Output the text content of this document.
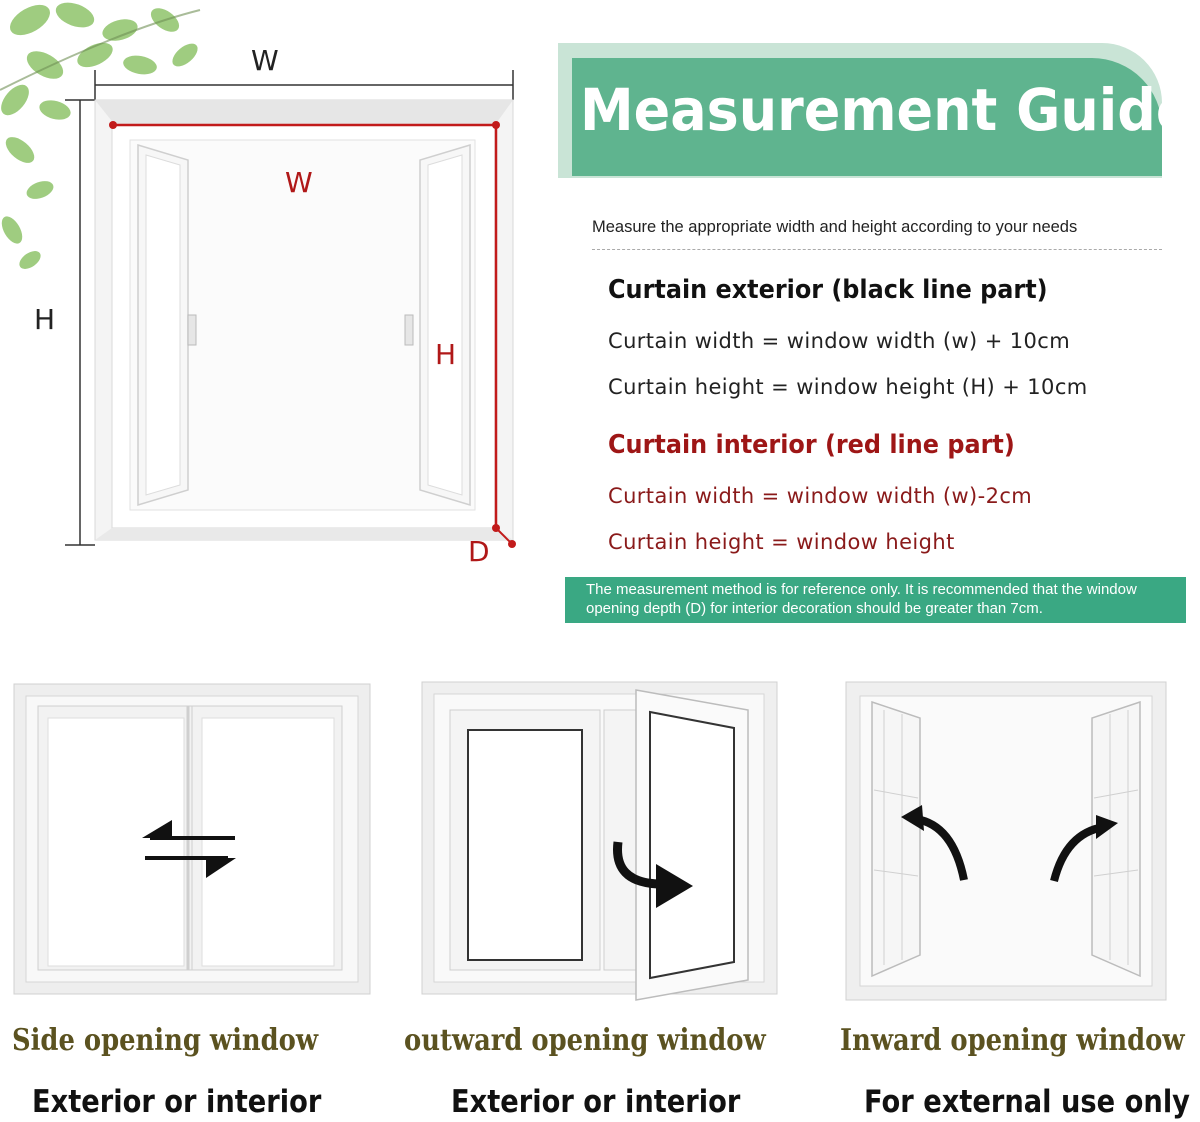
W
H
W
H
D
Measurement Guide
Measure the appropriate width and height according to your needs
Curtain exterior (black line part)
Curtain width = window width (w) + 10cm
Curtain height = window height (H) + 10cm
Curtain interior (red line part)
Curtain width = window width (w)-2cm
Curtain height = window height
The measurement method is for reference only. It is recommended that the window opening depth (D) for interior decoration should be greater than 7cm.
Side opening window
Exterior or interior
outward opening window
Exterior or interior
Inward opening window
For external use only
